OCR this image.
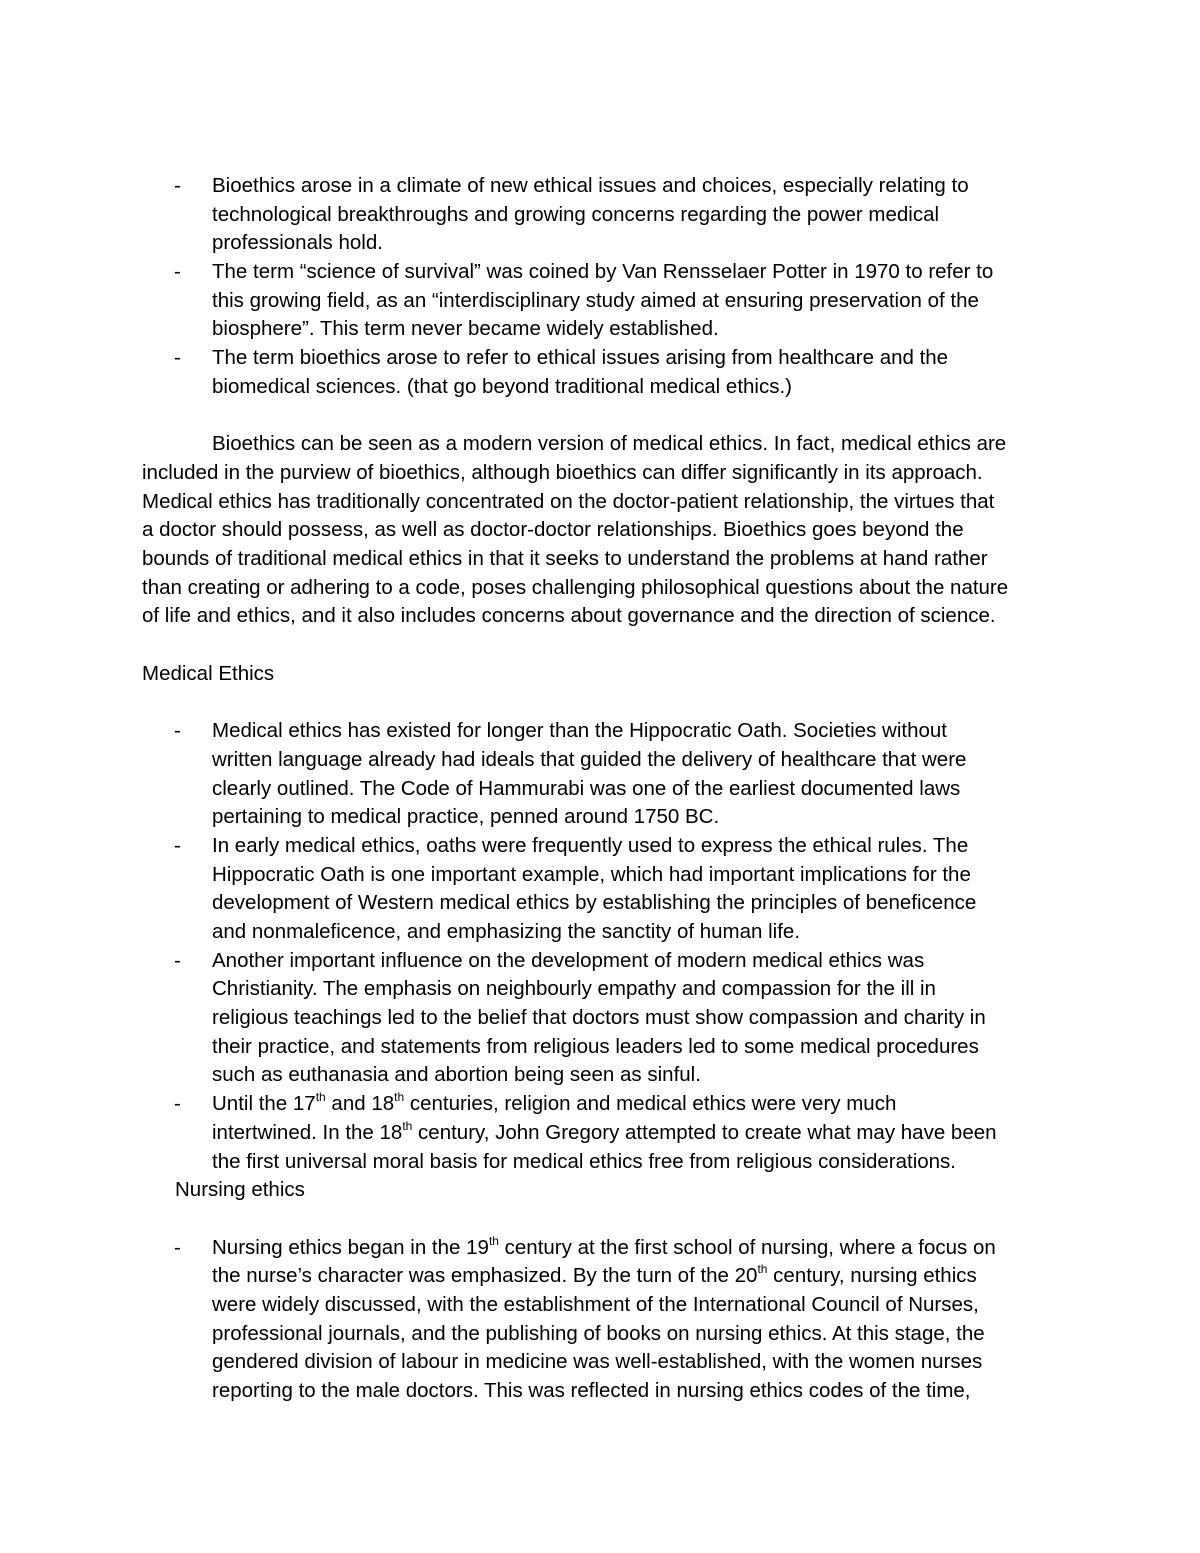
- Bioethics arose in a climate of new ethical issues and choices, especially relating to
technological breakthroughs and growing concerns regarding the power medical
professionals hold.
- The term “science of survival” was coined by Van Rensselaer Potter in 1970 to refer to
this growing field, as an “interdisciplinary study aimed at ensuring preservation of the
biosphere”. This term never became widely established.
- The term bioethics arose to refer to ethical issues arising from healthcare and the
biomedical sciences. (that go beyond traditional medical ethics.)
Bioethics can be seen as a modern version of medical ethics. In fact, medical ethics are
included in the purview of bioethics, although bioethics can differ significantly in its approach.
Medical ethics has traditionally concentrated on the doctor-patient relationship, the virtues that
a doctor should possess, as well as doctor-doctor relationships. Bioethics goes beyond the
bounds of traditional medical ethics in that it seeks to understand the problems at hand rather
than creating or adhering to a code, poses challenging philosophical questions about the nature
of life and ethics, and it also includes concerns about governance and the direction of science.
Medical Ethics
- Medical ethics has existed for longer than the Hippocratic Oath. Societies without
written language already had ideals that guided the delivery of healthcare that were
clearly outlined. The Code of Hammurabi was one of the earliest documented laws
pertaining to medical practice, penned around 1750 BC.
- In early medical ethics, oaths were frequently used to express the ethical rules. The
Hippocratic Oath is one important example, which had important implications for the
development of Western medical ethics by establishing the principles of beneficence
and nonmaleficence, and emphasizing the sanctity of human life.
- Another important influence on the development of modern medical ethics was
Christianity. The emphasis on neighbourly empathy and compassion for the ill in
religious teachings led to the belief that doctors must show compassion and charity in
their practice, and statements from religious leaders led to some medical procedures
such as euthanasia and abortion being seen as sinful.
- Until the 17th and 18th centuries, religion and medical ethics were very much
intertwined. In the 18th century, John Gregory attempted to create what may have been
the first universal moral basis for medical ethics free from religious considerations.
Nursing ethics
- Nursing ethics began in the 19th century at the first school of nursing, where a focus on
the nurse’s character was emphasized. By the turn of the 20th century, nursing ethics
were widely discussed, with the establishment of the International Council of Nurses,
professional journals, and the publishing of books on nursing ethics. At this stage, the
gendered division of labour in medicine was well-established, with the women nurses
reporting to the male doctors. This was reflected in nursing ethics codes of the time,
